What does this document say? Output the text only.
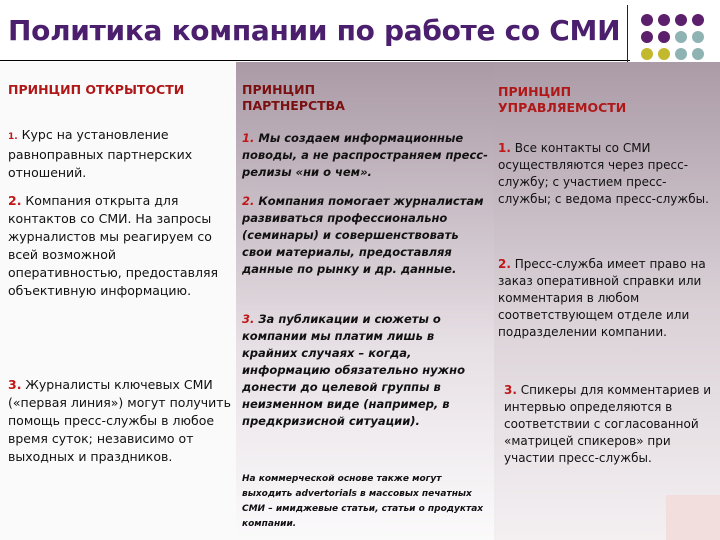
Политика компании по работе со СМИ
ПРИНЦИП ОТКРЫТОСТИ
1. Курс на установление равноправных партнерских отношений.
2. Компания открыта для контактов со СМИ. На запросы журналистов мы реагируем со всей возможной оперативностью, предоставляя объективную информацию.
3. Журналисты ключевых СМИ («первая линия») могут получить помощь пресс-службы в любое время суток; независимо от выходных и праздников.
ПРИНЦИП ПАРТНЕРСТВА
1. Мы создаем информационные поводы, а не распространяем пресс-релизы «ни о чем».
2. Компания помогает журналистам развиваться профессионально (семинары) и совершенствовать свои материалы, предоставляя данные по рынку и др. данные.
3. За публикации и сюжеты о компании мы платим лишь в крайних случаях – когда, информацию обязательно нужно донести до целевой группы в неизменном виде (например, в предкризисной ситуации).
На коммерческой основе также могут выходить advertorials в массовых печатных СМИ – имиджевые статьи, статьи о продуктах компании.
ПРИНЦИП УПРАВЛЯЕМОСТИ
1. Все контакты со СМИ осуществляются через пресс-службу; с участием пресс-службы; с ведома пресс-службы.
2. Пресс-служба имеет право на заказ оперативной справки или комментария в любом соответствующем отделе или подразделении компании.
3. Спикеры для комментариев и интервью определяются в соответствии с согласованной «матрицей спикеров» при участии пресс-службы.
